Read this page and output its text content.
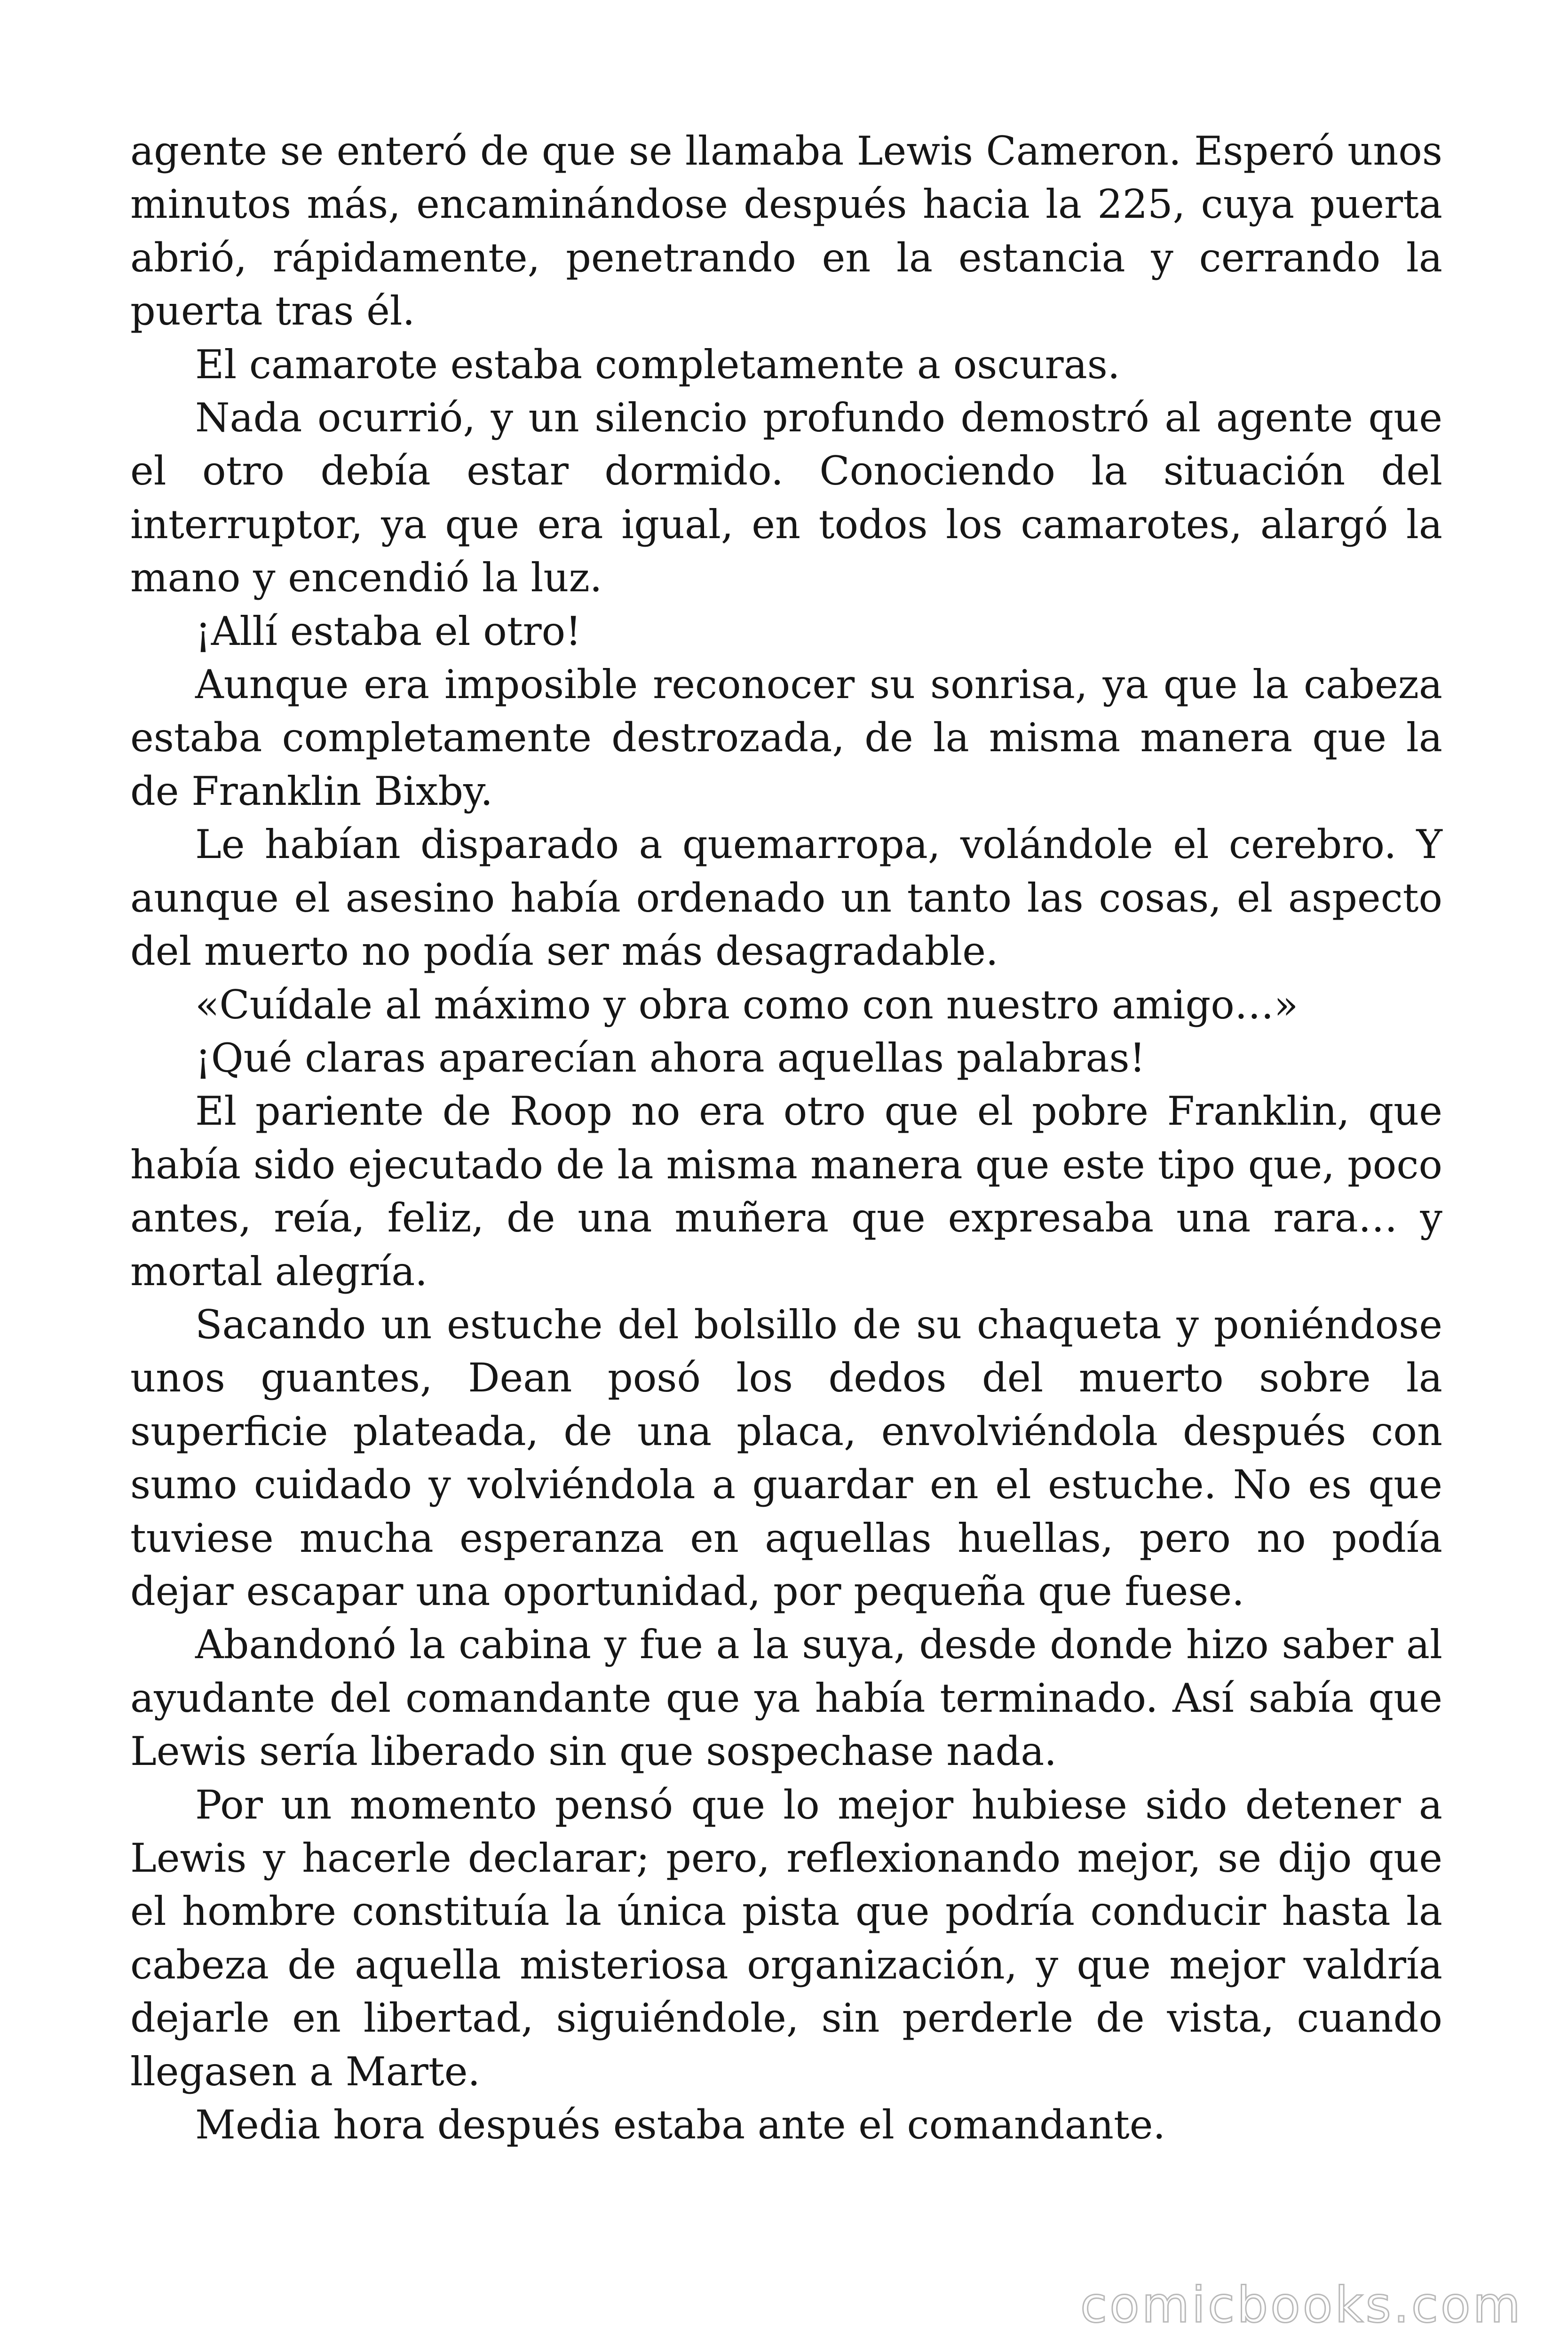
agente se enteró de que se llamaba Lewis Cameron. Esperó unos minutos más, encaminándose después hacia la 225, cuya puerta abrió, rápidamente, penetrando en la estancia y cerrando la puerta tras él.

El camarote estaba completamente a oscuras.

Nada ocurrió, y un silencio profundo demostró al agente que el otro debía estar dormido. Conociendo la situación del interruptor, ya que era igual, en todos los camarotes, alargó la mano y encendió la luz.

¡Allí estaba el otro!

Aunque era imposible reconocer su sonrisa, ya que la cabeza estaba completamente destrozada, de la misma manera que la de Franklin Bixby.

Le habían disparado a quemarropa, volándole el cerebro. Y aunque el asesino había ordenado un tanto las cosas, el aspecto del muerto no podía ser más desagradable.

«Cuídale al máximo y obra como con nuestro amigo…»

¡Qué claras aparecían ahora aquellas palabras!

El pariente de Roop no era otro que el pobre Franklin, que había sido ejecutado de la misma manera que este tipo que, poco antes, reía, feliz, de una muñera que expresaba una rara… y mortal alegría.

Sacando un estuche del bolsillo de su chaqueta y poniéndose unos guantes, Dean posó los dedos del muerto sobre la superficie plateada, de una placa, envolviéndola después con sumo cuidado y volviéndola a guardar en el estuche. No es que tuviese mucha esperanza en aquellas huellas, pero no podía dejar escapar una oportunidad, por pequeña que fuese.

Abandonó la cabina y fue a la suya, desde donde hizo saber al ayudante del comandante que ya había terminado. Así sabía que Lewis sería liberado sin que sospechase nada.

Por un momento pensó que lo mejor hubiese sido detener a Lewis y hacerle declarar; pero, reflexionando mejor, se dijo que el hombre constituía la única pista que podría conducir hasta la cabeza de aquella misteriosa organización, y que mejor valdría dejarle en libertad, siguiéndole, sin perderle de vista, cuando llegasen a Marte.

Media hora después estaba ante el comandante.

comicbooks.com
